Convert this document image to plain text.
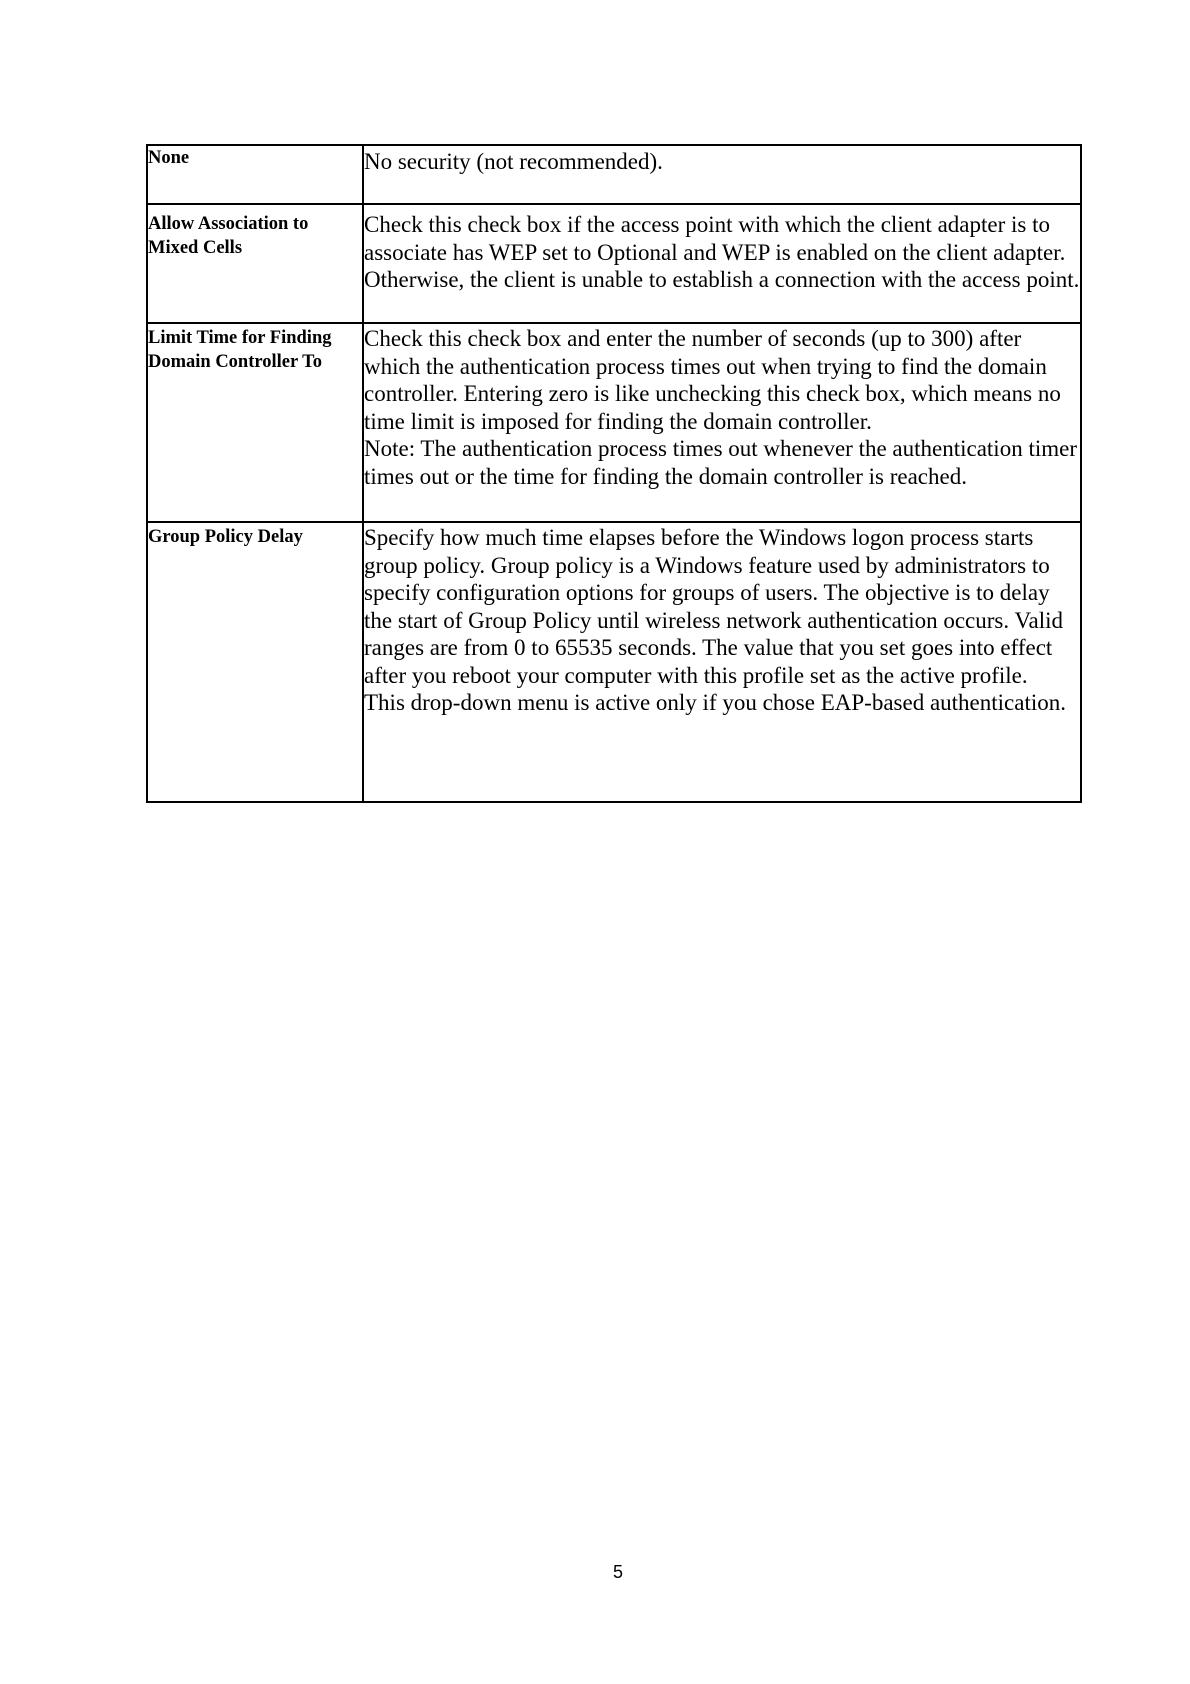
None	No security (not recommended).

Allow Association to Mixed Cells	Check this check box if the access point with which the client adapter is to associate has WEP set to Optional and WEP is enabled on the client adapter. Otherwise, the client is unable to establish a connection with the access point.

Limit Time for Finding Domain Controller To	Check this check box and enter the number of seconds (up to 300) after which the authentication process times out when trying to find the domain controller. Entering zero is like unchecking this check box, which means no time limit is imposed for finding the domain controller.

Note: The authentication process times out whenever the authentication timer times out or the time for finding the domain controller is reached.

Group Policy Delay	Specify how much time elapses before the Windows logon process starts group policy. Group policy is a Windows feature used by administrators to specify configuration options for groups of users. The objective is to delay the start of Group Policy until wireless network authentication occurs. Valid ranges are from 0 to 65535 seconds. The value that you set goes into effect after you reboot your computer with this profile set as the active profile.

This drop-down menu is active only if you chose EAP-based authentication.

5
